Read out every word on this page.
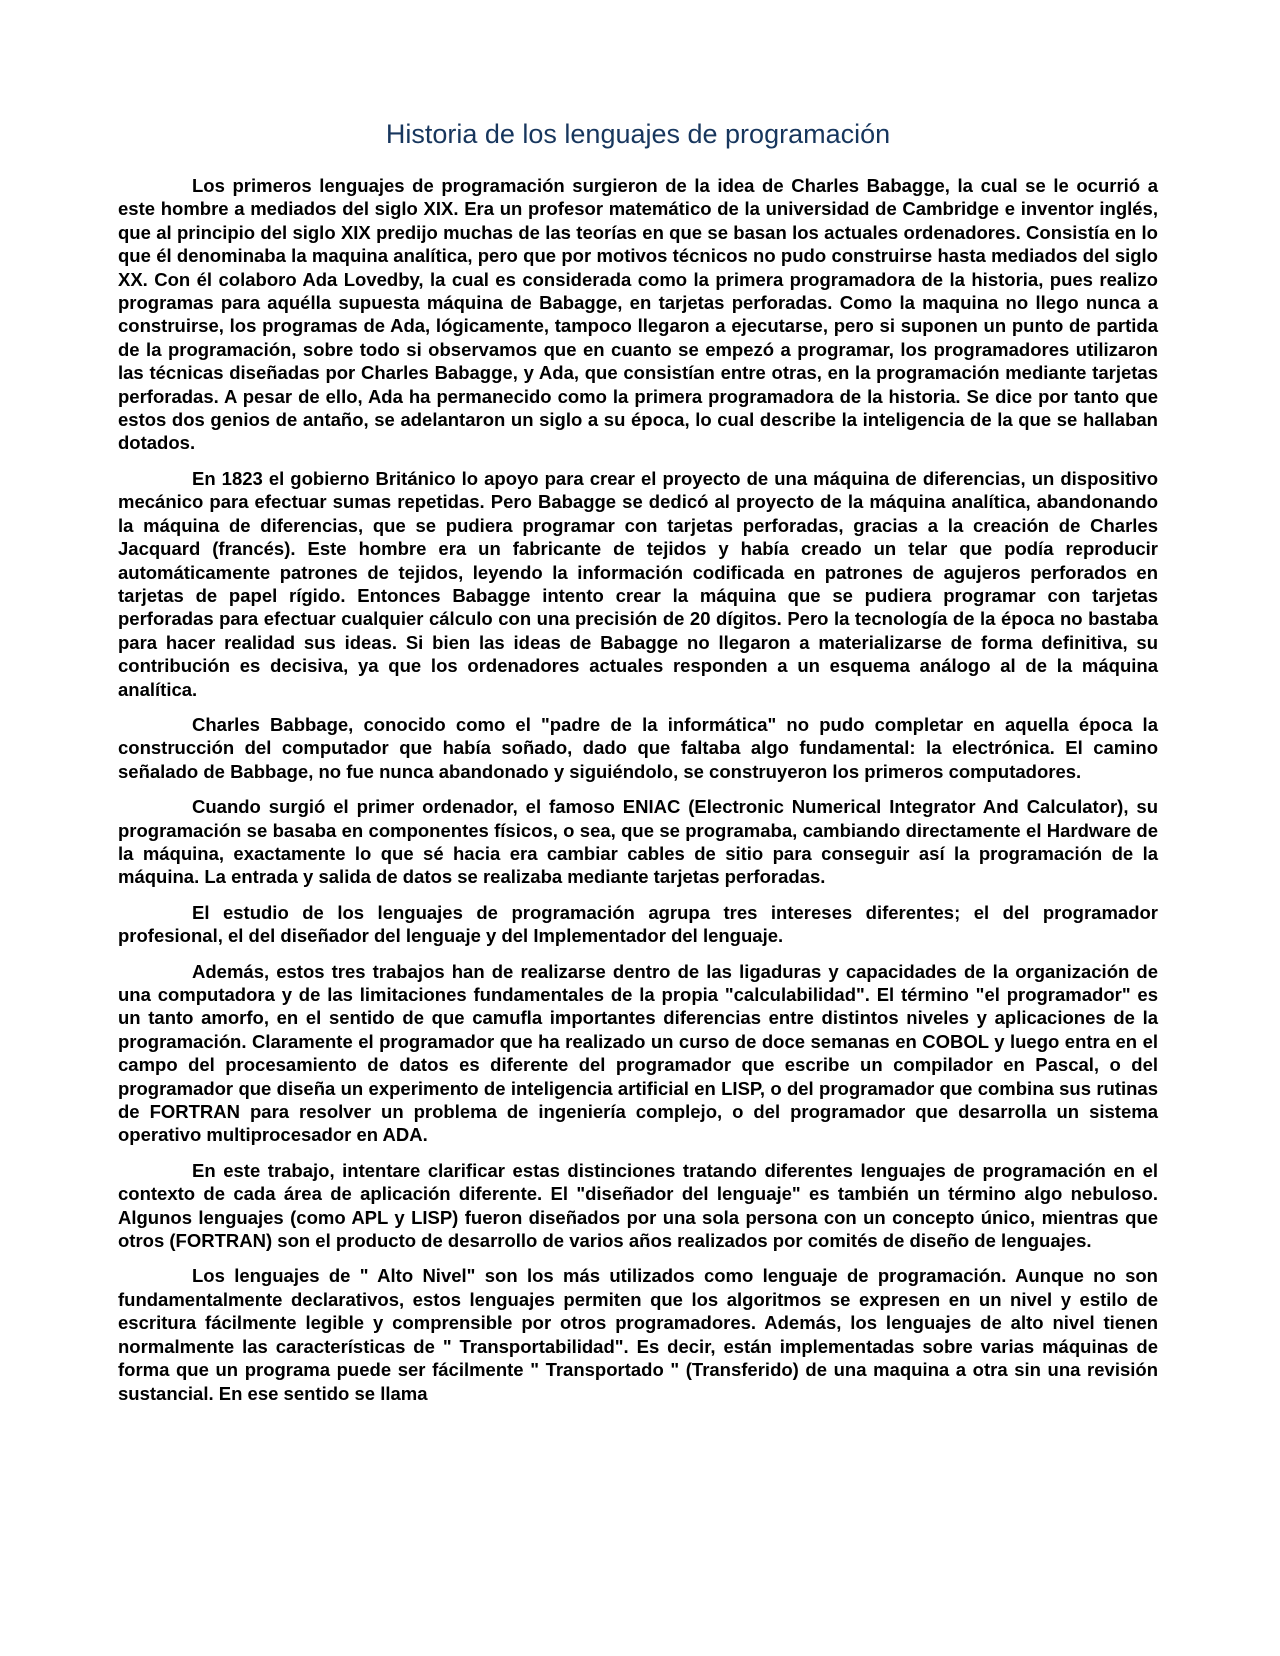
Historia de los lenguajes de programación

Los primeros lenguajes de programación surgieron de la idea de Charles Babagge, la cual se le ocurrió a este hombre a mediados del siglo XIX. Era un profesor matemático de la universidad de Cambridge e inventor inglés, que al principio del siglo XIX predijo muchas de las teorías en que se basan los actuales ordenadores. Consistía en lo que él denominaba la maquina analítica, pero que por motivos técnicos no pudo construirse hasta mediados del siglo XX. Con él colaboro Ada Lovedby, la cual es considerada como la primera programadora de la historia, pues realizo programas para aquélla supuesta máquina de Babagge, en tarjetas perforadas. Como la maquina no llego nunca a construirse, los programas de Ada, lógicamente, tampoco llegaron a ejecutarse, pero si suponen un punto de partida de la programación, sobre todo si observamos que en cuanto se empezó a programar, los programadores utilizaron las técnicas diseñadas por Charles Babagge, y Ada, que consistían entre otras, en la programación mediante tarjetas perforadas. A pesar de ello, Ada ha permanecido como la primera programadora de la historia. Se dice por tanto que estos dos genios de antaño, se adelantaron un siglo a su época, lo cual describe la inteligencia de la que se hallaban dotados.

En 1823 el gobierno Británico lo apoyo para crear el proyecto de una máquina de diferencias, un dispositivo mecánico para efectuar sumas repetidas. Pero Babagge se dedicó al proyecto de la máquina analítica, abandonando la máquina de diferencias, que se pudiera programar con tarjetas perforadas, gracias a la creación de Charles Jacquard (francés). Este hombre era un fabricante de tejidos y había creado un telar que podía reproducir automáticamente patrones de tejidos, leyendo la información codificada en patrones de agujeros perforados en tarjetas de papel rígido. Entonces Babagge intento crear la máquina que se pudiera programar con tarjetas perforadas para efectuar cualquier cálculo con una precisión de 20 dígitos. Pero la tecnología de la época no bastaba para hacer realidad sus ideas. Si bien las ideas de Babagge no llegaron a materializarse de forma definitiva, su contribución es decisiva, ya que los ordenadores actuales responden a un esquema análogo al de la máquina analítica.

Charles Babbage, conocido como el "padre de la informática" no pudo completar en aquella época la construcción del computador que había soñado, dado que faltaba algo fundamental: la electrónica. El camino señalado de Babbage, no fue nunca abandonado y siguiéndolo, se construyeron los primeros computadores.

Cuando surgió el primer ordenador, el famoso ENIAC (Electronic Numerical Integrator And Calculator), su programación se basaba en componentes físicos, o sea, que se programaba, cambiando directamente el Hardware de la máquina, exactamente lo que sé hacia era cambiar cables de sitio para conseguir así la programación de la máquina. La entrada y salida de datos se realizaba mediante tarjetas perforadas.

El estudio de los lenguajes de programación agrupa tres intereses diferentes; el del programador profesional, el del diseñador del lenguaje y del Implementador del lenguaje.

Además, estos tres trabajos han de realizarse dentro de las ligaduras y capacidades de la organización de una computadora y de las limitaciones fundamentales de la propia "calculabilidad". El término "el programador" es un tanto amorfo, en el sentido de que camufla importantes diferencias entre distintos niveles y aplicaciones de la programación. Claramente el programador que ha realizado un curso de doce semanas en COBOL y luego entra en el campo del procesamiento de datos es diferente del programador que escribe un compilador en Pascal, o del programador que diseña un experimento de inteligencia artificial en LISP, o del programador que combina sus rutinas de FORTRAN para resolver un problema de ingeniería complejo, o del programador que desarrolla un sistema operativo multiprocesador en ADA.

En este trabajo, intentare clarificar estas distinciones tratando diferentes lenguajes de programación en el contexto de cada área de aplicación diferente. El "diseñador del lenguaje" es también un término algo nebuloso. Algunos lenguajes (como APL y LISP) fueron diseñados por una sola persona con un concepto único, mientras que otros (FORTRAN) son el producto de desarrollo de varios años realizados por comités de diseño de lenguajes.

Los lenguajes de " Alto Nivel" son los más utilizados como lenguaje de programación. Aunque no son fundamentalmente declarativos, estos lenguajes permiten que los algoritmos se expresen en un nivel y estilo de escritura fácilmente legible y comprensible por otros programadores. Además, los lenguajes de alto nivel tienen normalmente las características de " Transportabilidad". Es decir, están implementadas sobre varias máquinas de forma que un programa puede ser fácilmente " Transportado " (Transferido) de una maquina a otra sin una revisión sustancial. En ese sentido se llama
